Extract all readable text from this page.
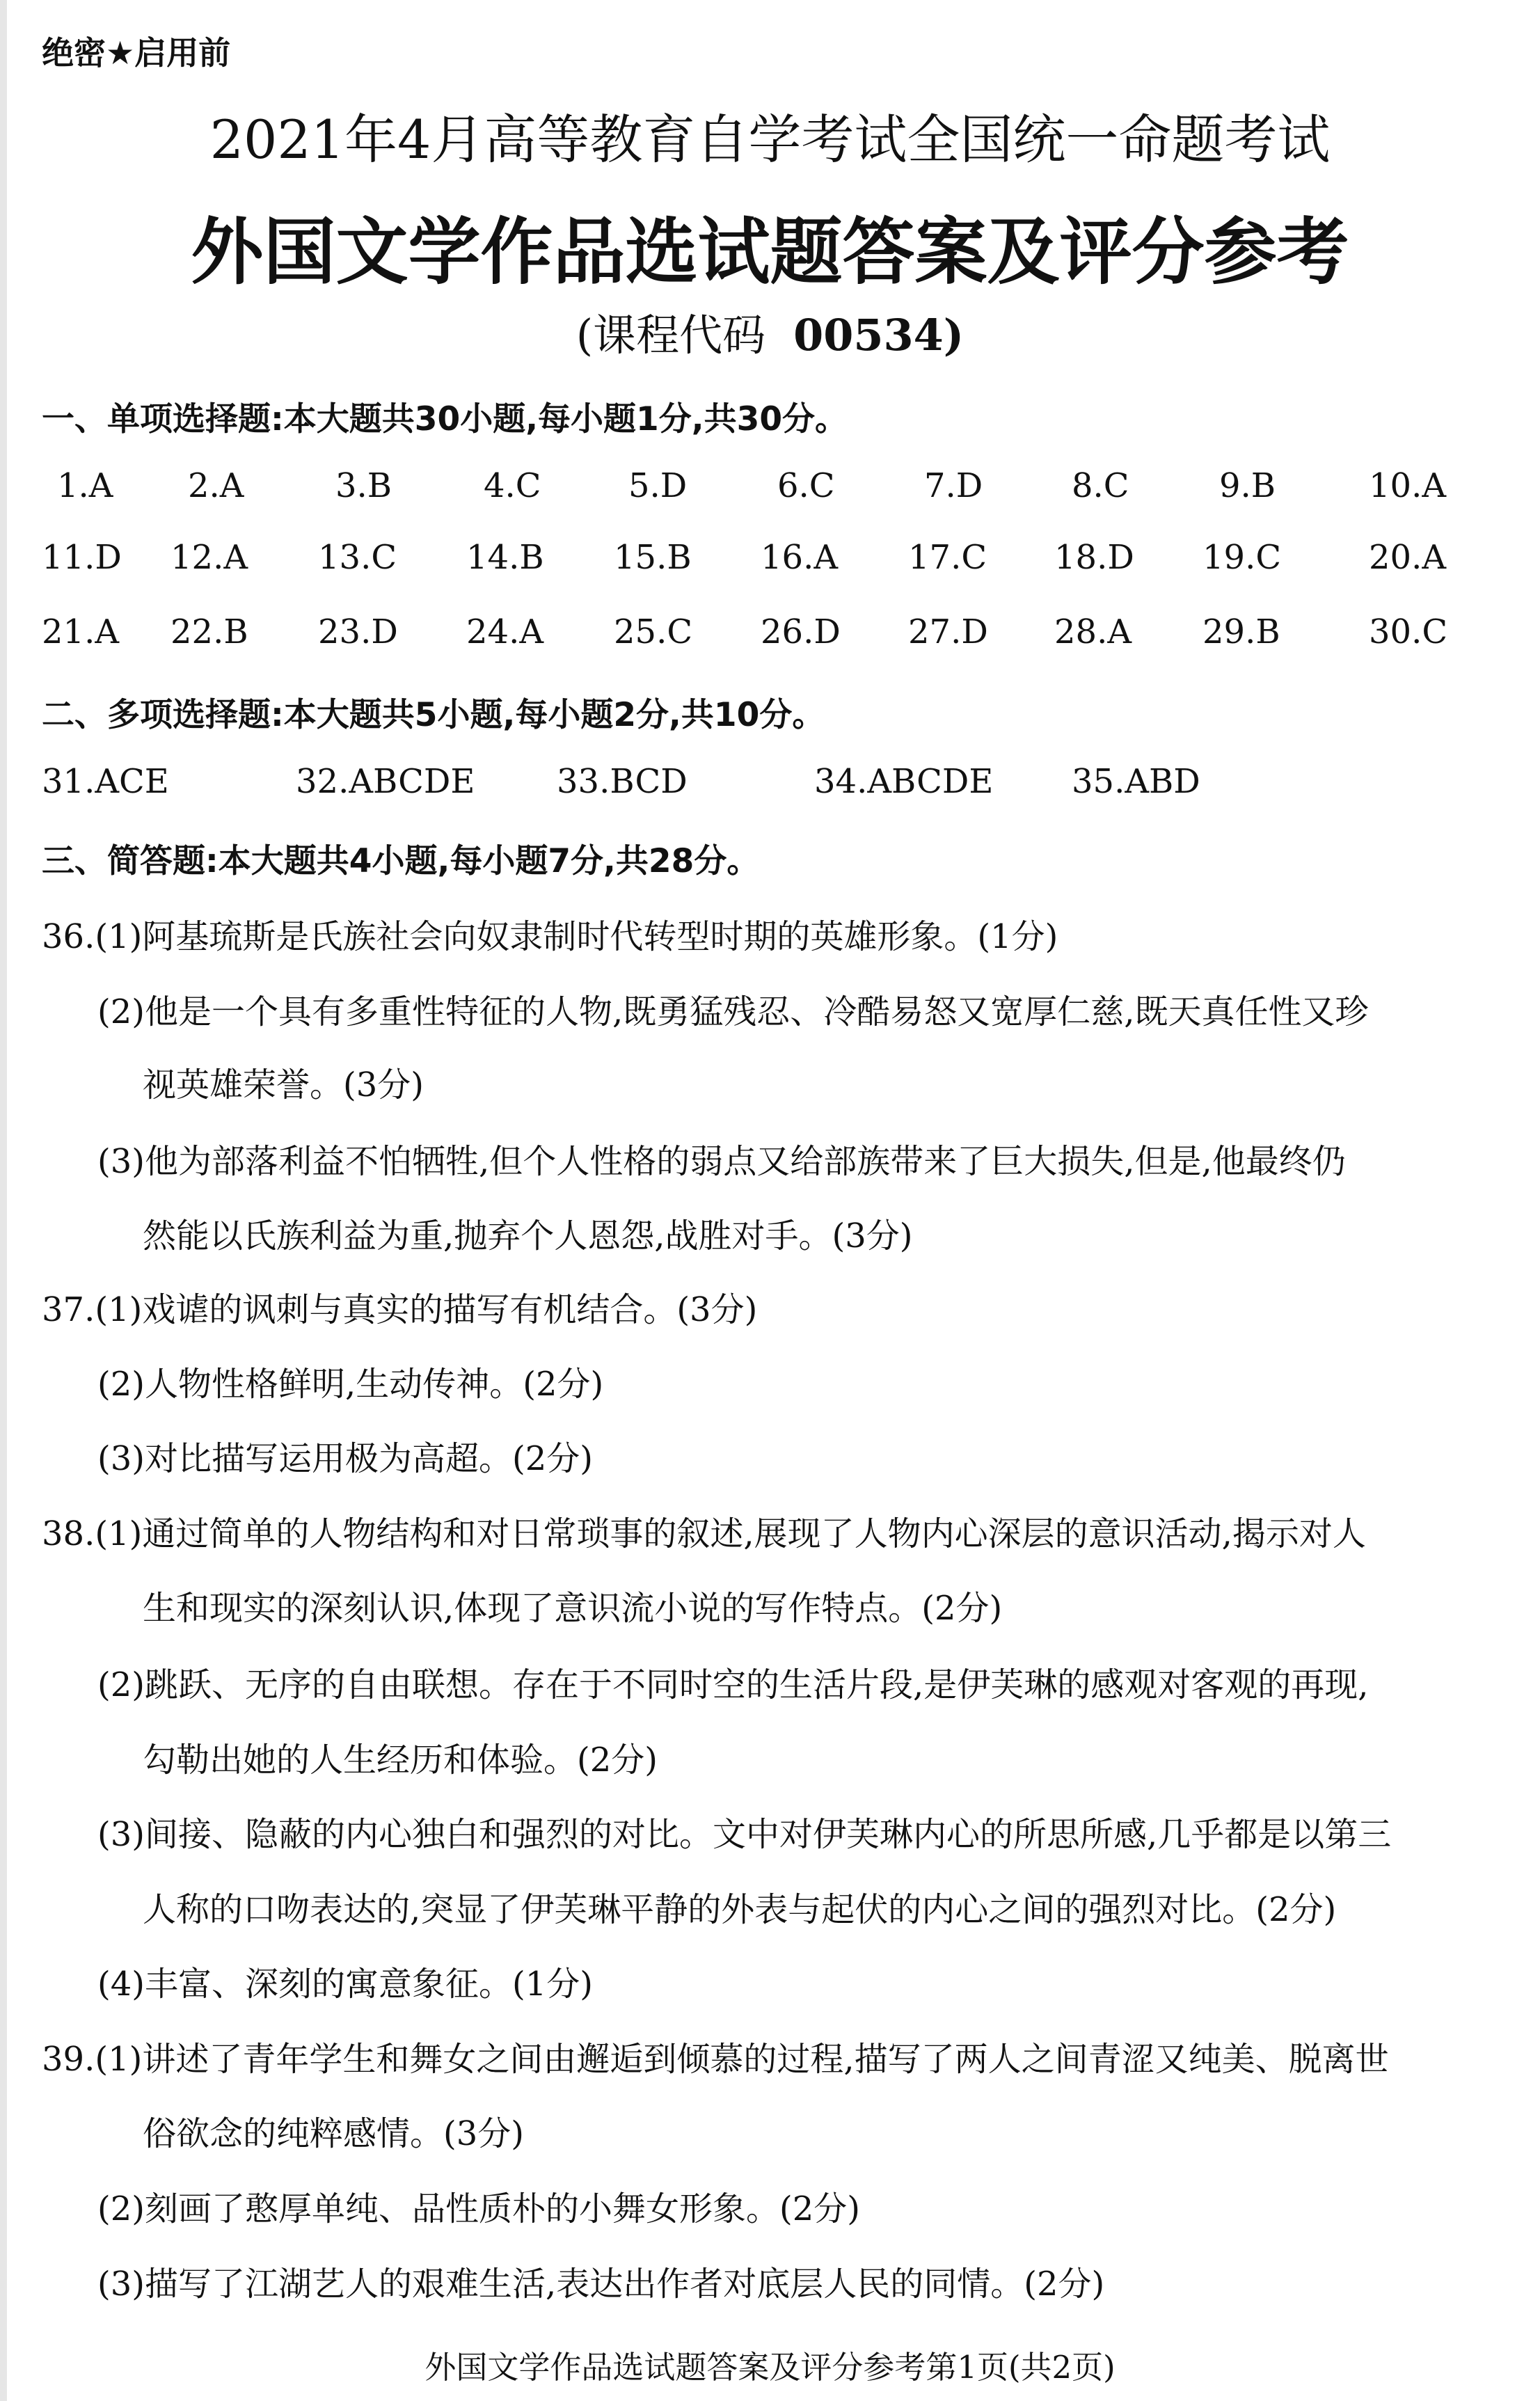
绝密★启用前
2021年4月高等教育自学考试全国统一命题考试
外国文学作品选试题答案及评分参考
(课程代码 00534)
一、单项选择题:本大题共30小题,每小题1分,共30分。
1.A 2.A	3.B	4.C	5.D	6.C	7.D	8.C	9.B	10.A
11.D 12.A 13.C 14.B 15.B 16.A 17.C 18.D 19.C	20.A
21.A 22.B 23.D 24.A 25.C 26.D 27.D 28.A 29.B	30.C
二、多项选择题:本大题共5小题,每小题2分,共10分。
31.ACE	32.ABCDE 33.BCD	34.ABCDE 35.ABD
三、简答题:本大题共4小题,每小题7分,共28分。
36.(1)阿基琉斯是氏族社会向奴隶制时代转型时期的英雄形象。(1分)
(2)他是一个具有多重性特征的人物,既勇猛残忍、冷酷易怒又宽厚仁慈,既天真任性又珍
视英雄荣誉。(3分)
(3)他为部落利益不怕牺牲,但个人性格的弱点又给部族带来了巨大损失,但是,他最终仍
然能以氏族利益为重,抛弃个人恩怨,战胜对手。(3分)
37.(1)戏谑的讽刺与真实的描写有机结合。(3分)
(2)人物性格鲜明,生动传神。(2分)
(3)对比描写运用极为高超。(2分)
38.(1)通过简单的人物结构和对日常琐事的叙述,展现了人物内心深层的意识活动,揭示对人
生和现实的深刻认识,体现了意识流小说的写作特点。(2分)
(2)跳跃、无序的自由联想。存在于不同时空的生活片段,是伊芙琳的感观对客观的再现,
勾勒出她的人生经历和体验。(2分)
(3)间接、隐蔽的内心独白和强烈的对比。文中对伊芙琳内心的所思所感,几乎都是以第三
人称的口吻表达的,突显了伊芙琳平静的外表与起伏的内心之间的强烈对比。(2分)
(4)丰富、深刻的寓意象征。(1分)
39.(1)讲述了青年学生和舞女之间由邂逅到倾慕的过程,描写了两人之间青涩又纯美、脱离世
俗欲念的纯粹感情。(3分)
(2)刻画了憨厚单纯、品性质朴的小舞女形象。(2分)
(3)描写了江湖艺人的艰难生活,表达出作者对底层人民的同情。(2分)
外国文学作品选试题答案及评分参考第1页(共2页)
